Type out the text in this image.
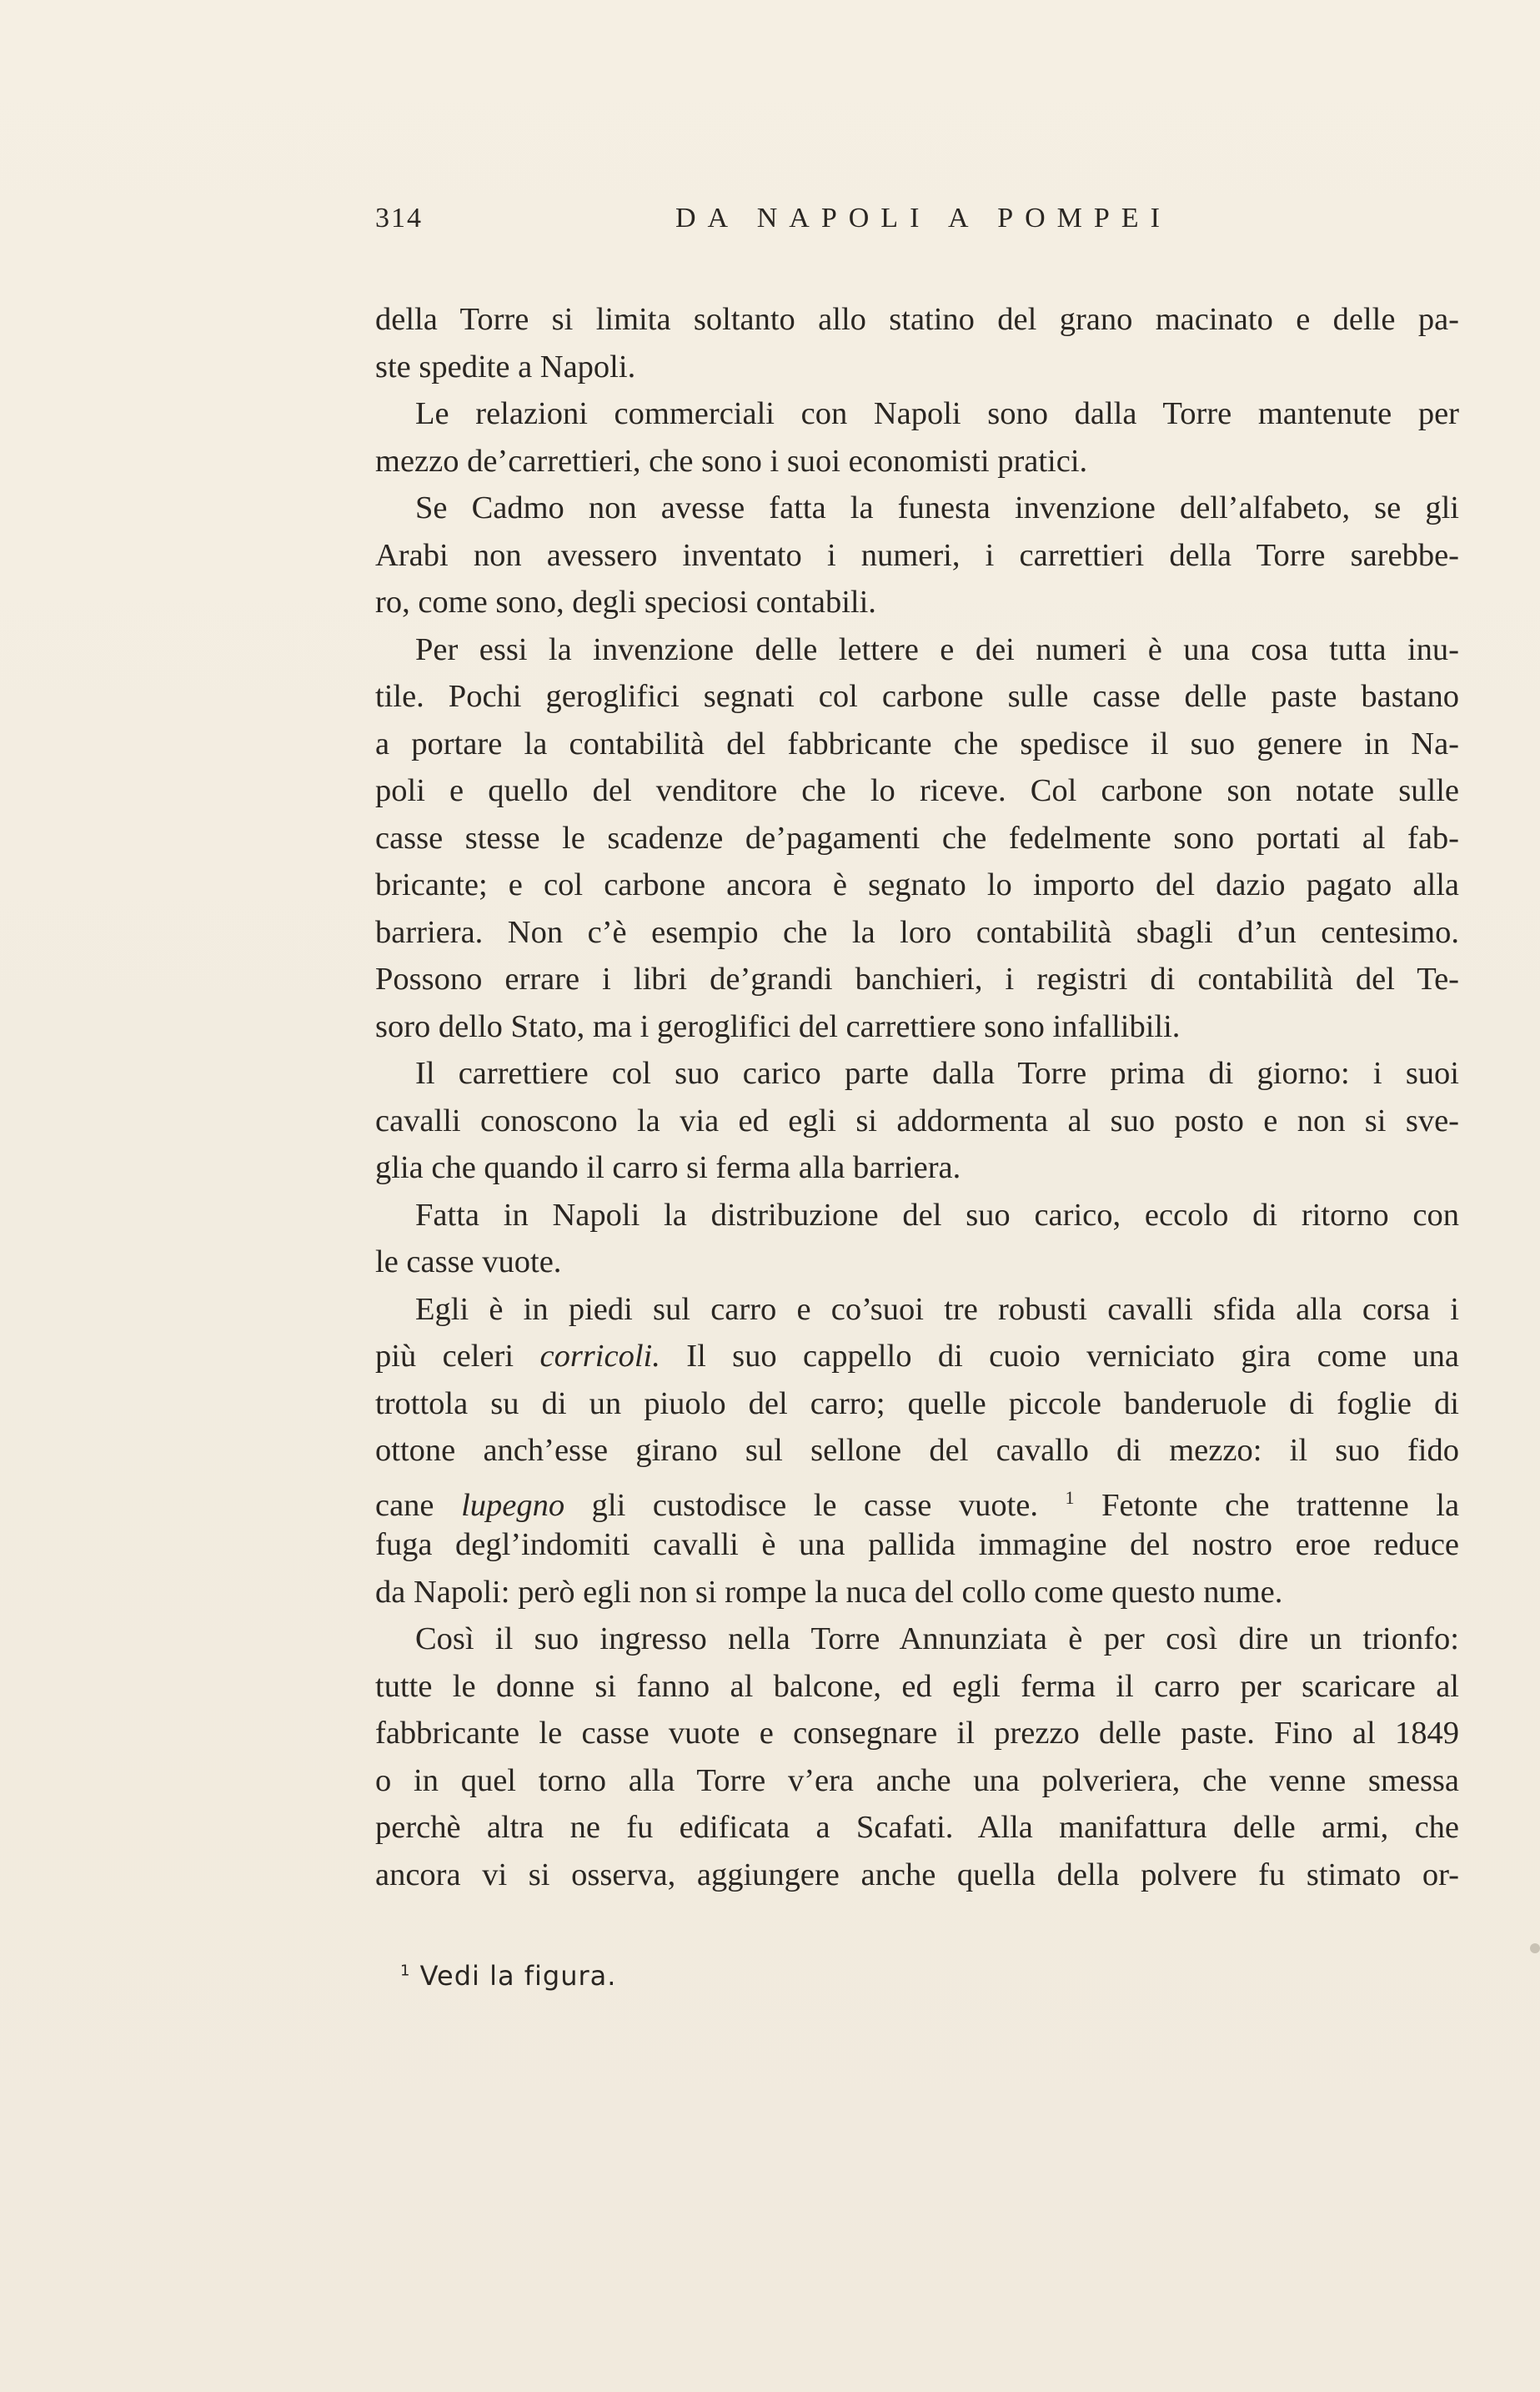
314	DA NAPOLI A POMPEI
della Torre si limita soltanto allo statino del grano macinato e delle pa-
ste spedite a Napoli.
Le relazioni commerciali con Napoli sono dalla Torre mantenute per
mezzo de’carrettieri, che sono i suoi economisti pratici.
Se Cadmo non avesse fatta la funesta invenzione dell’alfabeto, se gli
Arabi non avessero inventato i numeri, i carrettieri della Torre sarebbe-
ro, come sono, degli speciosi contabili.
Per essi la invenzione delle lettere e dei numeri è una cosa tutta inu-
tile. Pochi geroglifici segnati col carbone sulle casse delle paste bastano
a portare la contabilità del fabbricante che spedisce il suo genere in Na-
poli e quello del venditore che lo riceve. Col carbone son notate sulle
casse stesse le scadenze de’pagamenti che fedelmente sono portati al fab-
bricante; e col carbone ancora è segnato lo importo del dazio pagato alla
barriera. Non c’è esempio che la loro contabilità sbagli d’un centesimo.
Possono errare i libri de’grandi banchieri, i registri di contabilità del Te-
soro dello Stato, ma i geroglifici del carrettiere sono infallibili.
Il carrettiere col suo carico parte dalla Torre prima di giorno: i suoi
cavalli conoscono la via ed egli si addormenta al suo posto e non si sve-
glia che quando il carro si ferma alla barriera.
Fatta in Napoli la distribuzione del suo carico, eccolo di ritorno con
le casse vuote.
Egli è in piedi sul carro e co’suoi tre robusti cavalli sfida alla corsa i
più celeri corricoli. Il suo cappello di cuoio verniciato gira come una
trottola su di un piuolo del carro; quelle piccole banderuole di foglie di
ottone anch’esse girano sul sellone del cavallo di mezzo: il suo fido
cane lupegno gli custodisce le casse vuote. $^1$ Fetonte che trattenne la
fuga degl’indomiti cavalli è una pallida immagine del nostro eroe reduce
da Napoli: però egli non si rompe la nuca del collo come questo nume.
Così il suo ingresso nella Torre Annunziata è per così dire un trionfo:
tutte le donne si fanno al balcone, ed egli ferma il carro per scaricare al
fabbricante le casse vuote e consegnare il prezzo delle paste. Fino al 1849
o in quel torno alla Torre v’era anche una polveriera, che venne smessa
perchè altra ne fu edificata a Scafati. Alla manifattura delle armi, che
ancora vi si osserva, aggiungere anche quella della polvere fu stimato or-
$^1$ Vedi la figura.
